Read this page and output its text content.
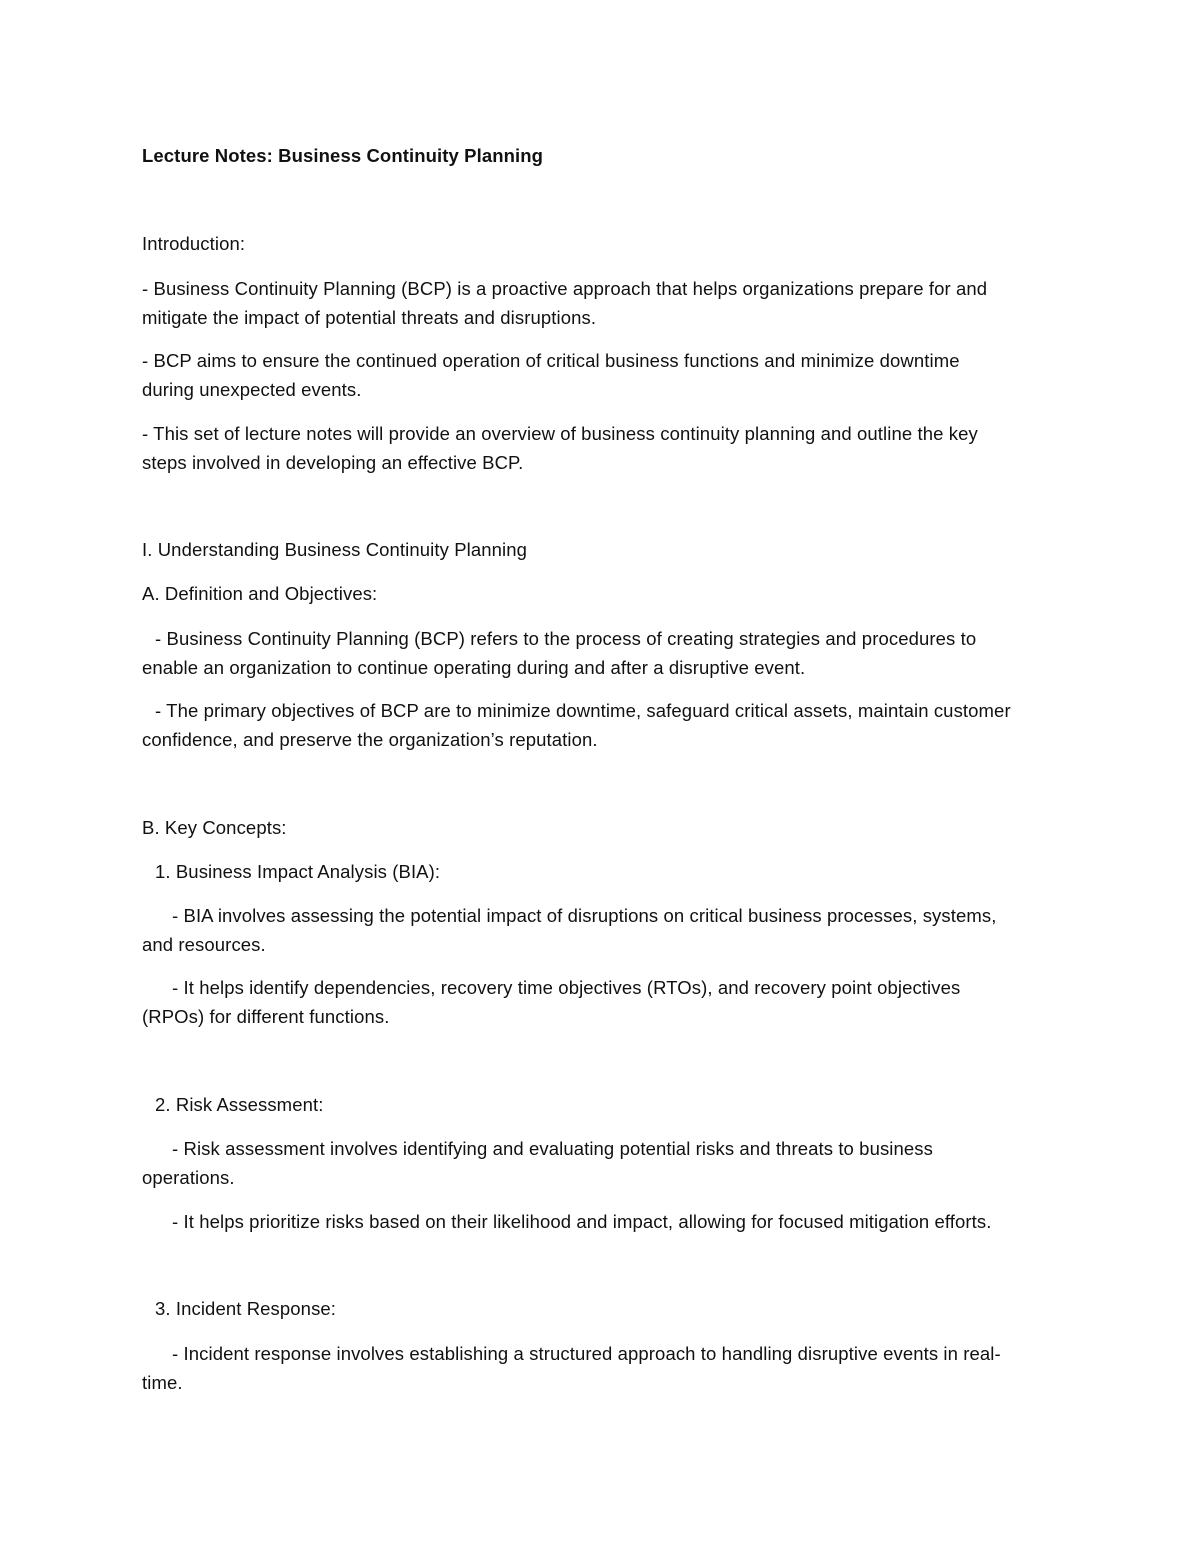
Lecture Notes: Business Continuity Planning
Introduction:
- Business Continuity Planning (BCP) is a proactive approach that helps organizations prepare for and
mitigate the impact of potential threats and disruptions.
- BCP aims to ensure the continued operation of critical business functions and minimize downtime
during unexpected events.
- This set of lecture notes will provide an overview of business continuity planning and outline the key
steps involved in developing an effective BCP.
I. Understanding Business Continuity Planning
A. Definition and Objectives:
- Business Continuity Planning (BCP) refers to the process of creating strategies and procedures to
enable an organization to continue operating during and after a disruptive event.
- The primary objectives of BCP are to minimize downtime, safeguard critical assets, maintain customer
confidence, and preserve the organization’s reputation.
B. Key Concepts:
1. Business Impact Analysis (BIA):
- BIA involves assessing the potential impact of disruptions on critical business processes, systems,
and resources.
- It helps identify dependencies, recovery time objectives (RTOs), and recovery point objectives
(RPOs) for different functions.
2. Risk Assessment:
- Risk assessment involves identifying and evaluating potential risks and threats to business
operations.
- It helps prioritize risks based on their likelihood and impact, allowing for focused mitigation efforts.
3. Incident Response:
- Incident response involves establishing a structured approach to handling disruptive events in real-
time.
